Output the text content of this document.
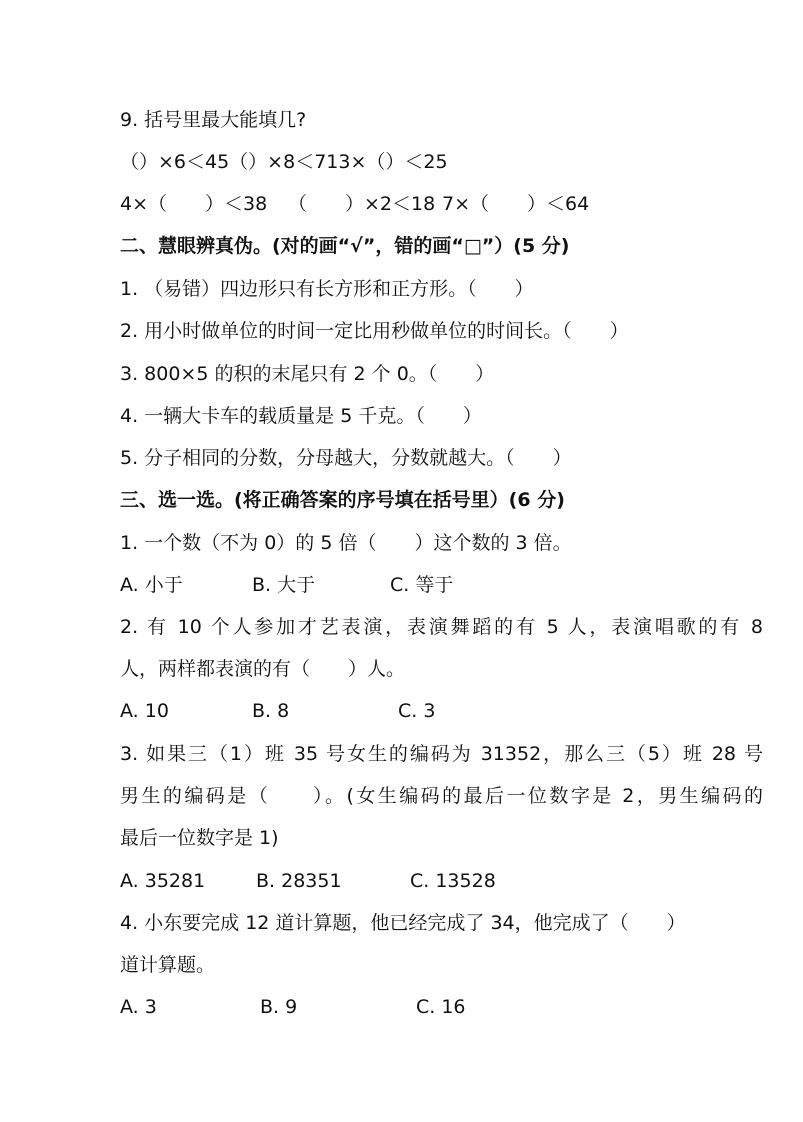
9. 括号里最大能填几?
（）×6＜45（）×8＜713×（）＜25

4×（　　）＜38

（　　）×2＜18

7×（　　）＜64

二、慧眼辨真伪。(对的画“√”，错的画“□”）(5 分)
1. （易错）四边形只有长方形和正方形。（　　）
2. 用小时做单位的时间一定比用秒做单位的时间长。（　　）
3. 800×5 的积的末尾只有 2 个 0。（　　）
4. 一辆大卡车的载质量是 5 千克。（　　）
5. 分子相同的分数，分母越大，分数就越大。（　　）
三、选一选。(将正确答案的序号填在括号里）(6 分)
1. 一个数（不为 0）的 5 倍（　　）这个数的 3 倍。

A. 小于

	B. 大于

	C. 等于

2. 有 10 个人参加才艺表演，表演舞蹈的有 5 人，表演唱歌的有 8
人，两样都表演的有（　　）人。

A. 10

	B. 8

	C. 3

3. 如果三（1）班 35 号女生的编码为 31352，那么三（5）班 28 号
男生的编码是（　　）。(女生编码的最后一位数字是 2，男生编码的
最后一位数字是 1)

A. 35281

	B. 28351

	C. 13528

4. 小东要完成 12 道计算题，他已经完成了 34，他完成了（　　）
道计算题。

A. 3

	B. 9

	C. 16
